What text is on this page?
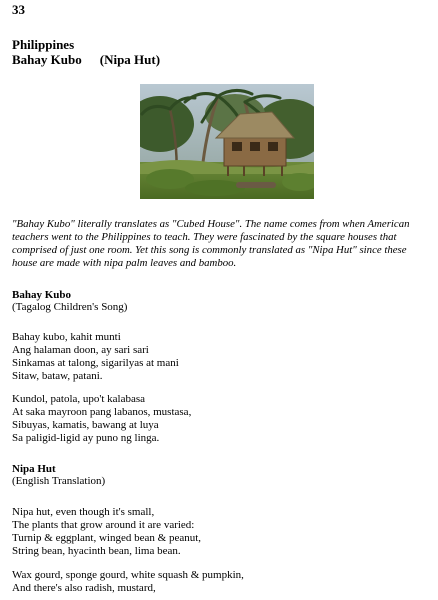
33
Philippines
Bahay Kubo (Nipa Hut)
"Bahay Kubo" literally translates as "Cubed House". The name comes from when American
teachers went to the Philippines to teach. They were fascinated by the square houses that
comprised of just one room. Yet this song is commonly translated as "Nipa Hut" since these
house are made with nipa palm leaves and bamboo.
Bahay Kubo
(Tagalog Children's Song)
Bahay kubo, kahit munti
Ang halaman doon, ay sari sari
Sinkamas at talong, sigarilyas at mani
Sitaw, bataw, patani.
Kundol, patola, upo't kalabasa
At saka mayroon pang labanos, mustasa,
Sibuyas, kamatis, bawang at luya
Sa paligid-ligid ay puno ng linga.
Nipa Hut
(English Translation)
Nipa hut, even though it's small,
The plants that grow around it are varied:
Turnip & eggplant, winged bean & peanut,
String bean, hyacinth bean, lima bean.
Wax gourd, sponge gourd, white squash & pumpkin,
And there's also radish, mustard,
